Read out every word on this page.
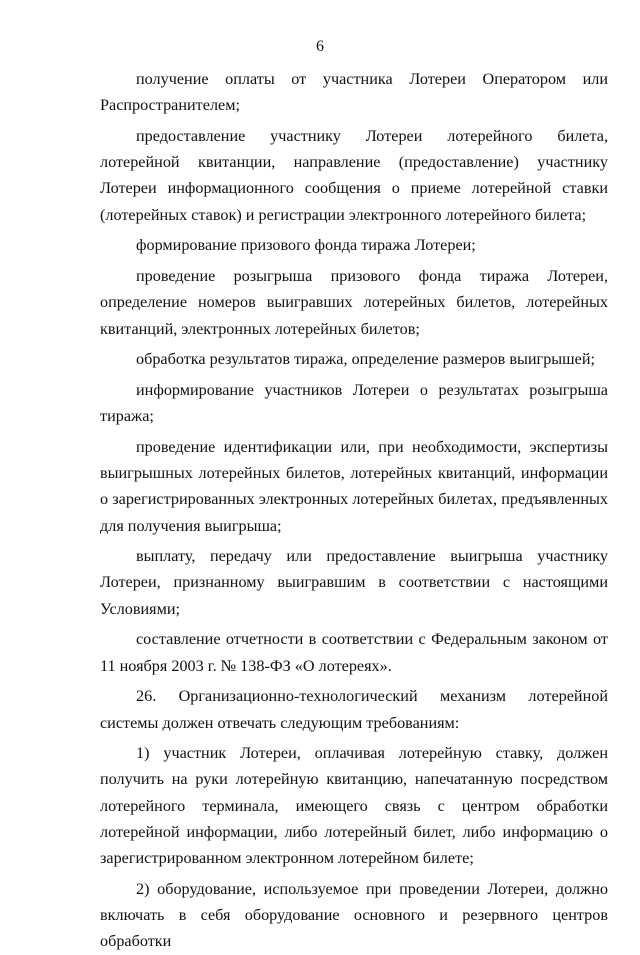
6

получение оплаты от участника Лотереи Оператором или Распространителем;

предоставление участнику Лотереи лотерейного билета, лотерейной квитанции, направление (предоставление) участнику Лотереи информационного сообщения о приеме лотерейной ставки (лотерейных ставок) и регистрации электронного лотерейного билета;

формирование призового фонда тиража Лотереи;

проведение розыгрыша призового фонда тиража Лотереи, определение номеров выигравших лотерейных билетов, лотерейных квитанций, электронных лотерейных билетов;

обработка результатов тиража, определение размеров выигрышей;

информирование участников Лотереи о результатах розыгрыша тиража;

проведение идентификации или, при необходимости, экспертизы выигрышных лотерейных билетов, лотерейных квитанций, информации о зарегистрированных электронных лотерейных билетах, предъявленных для получения выигрыша;

выплату, передачу или предоставление выигрыша участнику Лотереи, признанному выигравшим в соответствии с настоящими Условиями;

составление отчетности в соответствии с Федеральным законом от 11 ноября 2003 г. № 138-ФЗ «О лотереях».

26. Организационно-технологический механизм лотерейной системы должен отвечать следующим требованиям:

1) участник Лотереи, оплачивая лотерейную ставку, должен получить на руки лотерейную квитанцию, напечатанную посредством лотерейного терминала, имеющего связь с центром обработки лотерейной информации, либо лотерейный билет, либо информацию о зарегистрированном электронном лотерейном билете;

2) оборудование, используемое при проведении Лотереи, должно включать в себя оборудование основного и резервного центров обработки
